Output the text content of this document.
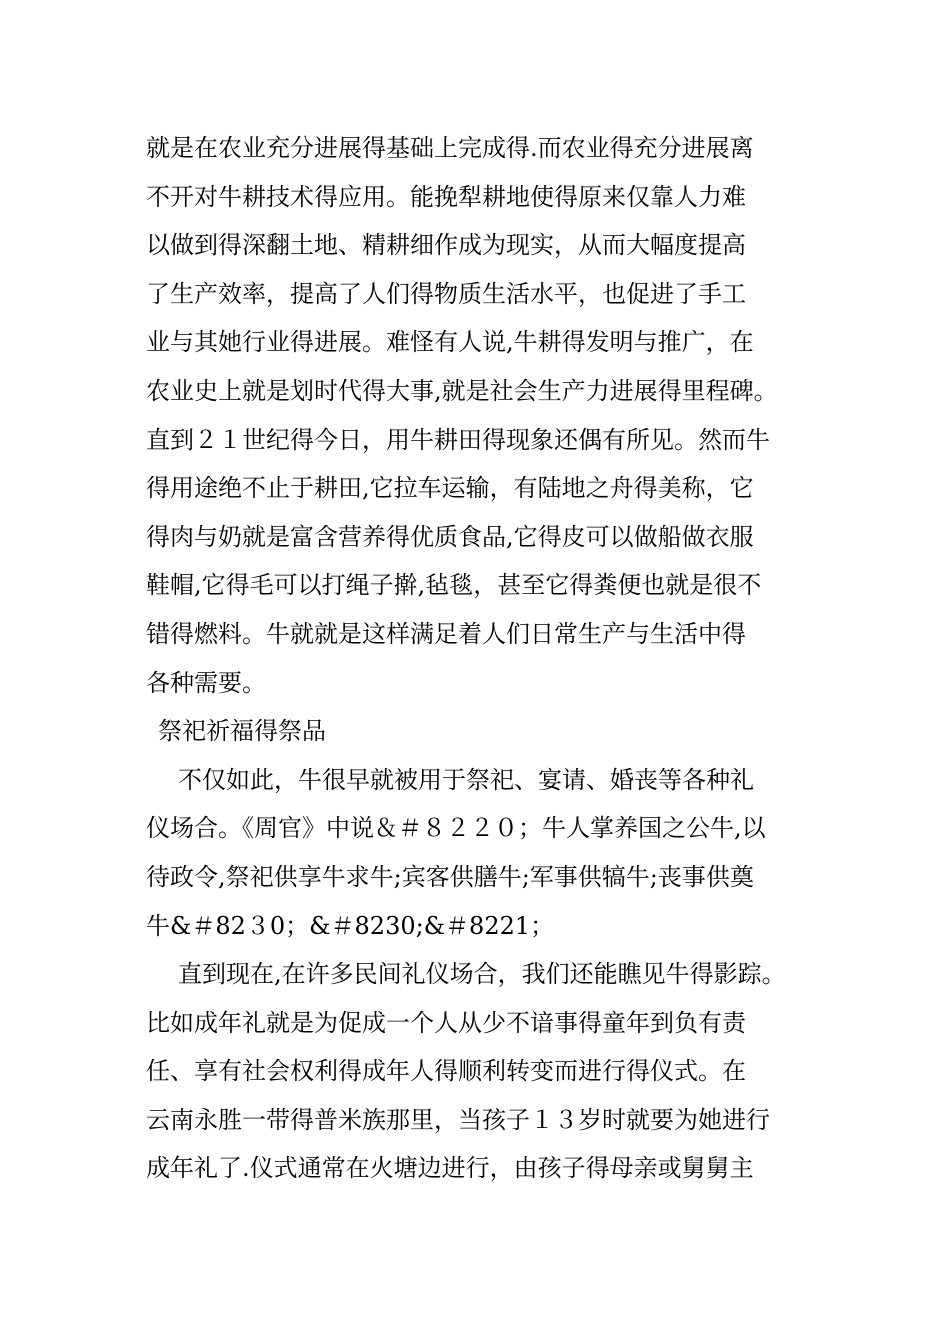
就是在农业充分进展得基础上完成得.而农业得充分进展离
不开对牛耕技术得应用。能挽犁耕地使得原来仅靠人力难
以做到得深翻土地、精耕细作成为现实，从而大幅度提高
了生产效率，提高了人们得物质生活水平，也促进了手工
业与其她行业得进展。难怪有人说,牛耕得发明与推广，在
农业史上就是划时代得大事,就是社会生产力进展得里程碑。
直到２１世纪得今日，用牛耕田得现象还偶有所见。然而牛
得用途绝不止于耕田,它拉车运输，有陆地之舟得美称，它
得肉与奶就是富含营养得优质食品,它得皮可以做船做衣服
鞋帽,它得毛可以打绳子擀,毡毯，甚至它得粪便也就是很不
错得燃料。牛就就是这样满足着人们日常生产与生活中得
各种需要。
祭祀祈福得祭品
不仅如此，牛很早就被用于祭祀、宴请、婚丧等各种礼
仪场合。《周官》中说＆＃８２２０；牛人掌养国之公牛,以
待政令,祭祀供享牛求牛;宾客供膳牛;军事供犒牛;丧事供奠
牛&＃82３0；&＃8230;&＃8221；
直到现在,在许多民间礼仪场合，我们还能瞧见牛得影踪。
比如成年礼就是为促成一个人从少不谙事得童年到负有责
任、享有社会权利得成年人得顺利转变而进行得仪式。在
云南永胜一带得普米族那里，当孩子１３岁时就要为她进行
成年礼了.仪式通常在火塘边进行，由孩子得母亲或舅舅主
